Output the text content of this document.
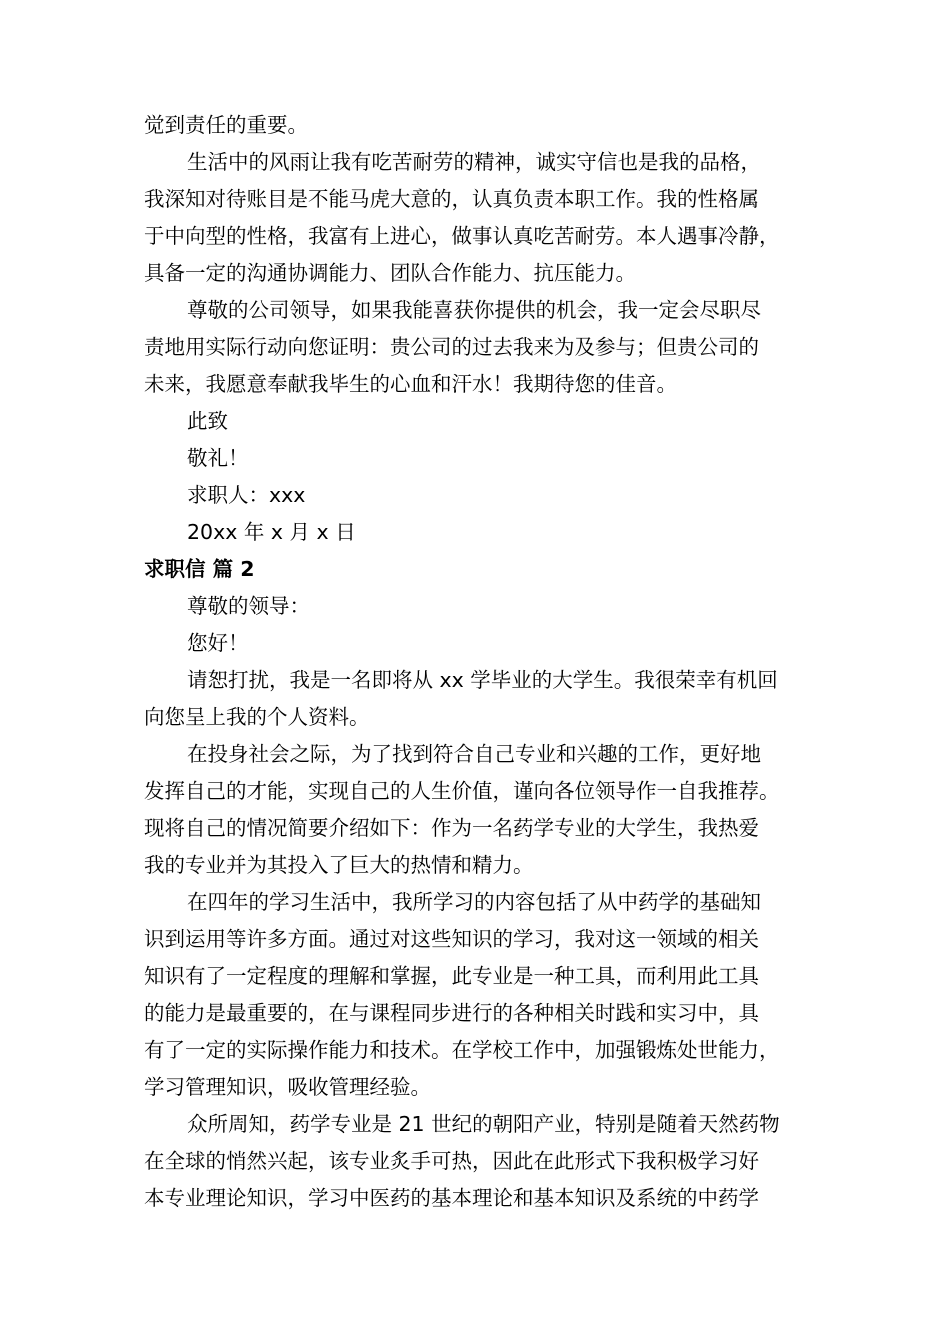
觉到责任的重要。
生活中的风雨让我有吃苦耐劳的精神，诚实守信也是我的品格，
我深知对待账目是不能马虎大意的，认真负责本职工作。我的性格属
于中向型的性格，我富有上进心，做事认真吃苦耐劳。本人遇事冷静，
具备一定的沟通协调能力、团队合作能力、抗压能力。
尊敬的公司领导，如果我能喜获你提供的机会，我一定会尽职尽
责地用实际行动向您证明：贵公司的过去我来为及参与；但贵公司的
未来，我愿意奉献我毕生的心血和汗水！我期待您的佳音。
此致
敬礼！
求职人：xxx
20xx 年 x 月 x 日
求职信 篇 2
尊敬的领导：
您好！
请恕打扰，我是一名即将从 xx 学毕业的大学生。我很荣幸有机回
向您呈上我的个人资料。
在投身社会之际，为了找到符合自己专业和兴趣的工作，更好地
发挥自己的才能，实现自己的人生价值，谨向各位领导作一自我推荐。
现将自己的情况简要介绍如下：作为一名药学专业的大学生，我热爱
我的专业并为其投入了巨大的热情和精力。
在四年的学习生活中，我所学习的内容包括了从中药学的基础知
识到运用等许多方面。通过对这些知识的学习，我对这一领域的相关
知识有了一定程度的理解和掌握，此专业是一种工具，而利用此工具
的能力是最重要的，在与课程同步进行的各种相关时践和实习中，具
有了一定的实际操作能力和技术。在学校工作中，加强锻炼处世能力，
学习管理知识，吸收管理经验。
众所周知，药学专业是 21 世纪的朝阳产业，特别是随着天然药物
在全球的悄然兴起，该专业炙手可热，因此在此形式下我积极学习好
本专业理论知识，学习中医药的基本理论和基本知识及系统的中药学
